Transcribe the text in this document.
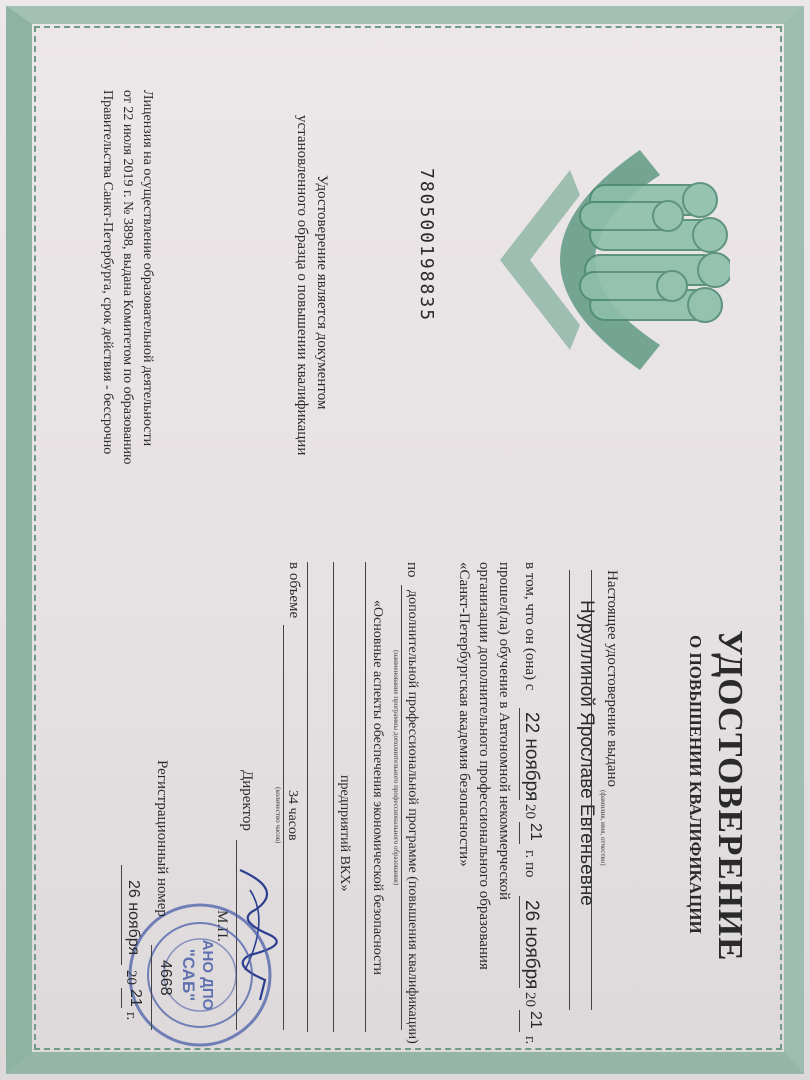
780500198835
Удостоверение является документом
установленного образца о повышении квалификации
Лицензия на осуществление образовательной деятельности
от 22 июля 2019 г. № 3898, выдана Комитетом по образованию
Правительства Санкт-Петербурга, срок действия - бессрочно
УДОСТОВЕРЕНИЕ
О ПОВЫШЕНИИ КВАЛИФИКАЦИИ
Настоящее удостоверение выдано
(фамилия, имя, отчество)
Нуруллиной Ярославе Евгеньевне
в том, что он (она) с
22 ноября
20
21
г. по
26 ноября
20
21
г.
прошел(ла) обучение в Автономной некоммерческой
организации дополнительного профессионального образования
«Санкт-Петербургская академия безопасности»
по
дополнительной профессиональной программе (повышения квалификации)
(наименование программы дополнительного профессионального образования)
«Основные аспекты обеспечения экономической безопасности
предприятий ВКХ»
в объеме
34 часов
(количество часов)
Директор
М.П.
АНО ДПО
"САБ"
Регистрационный номер
4668
26 ноября
20
21
г.
